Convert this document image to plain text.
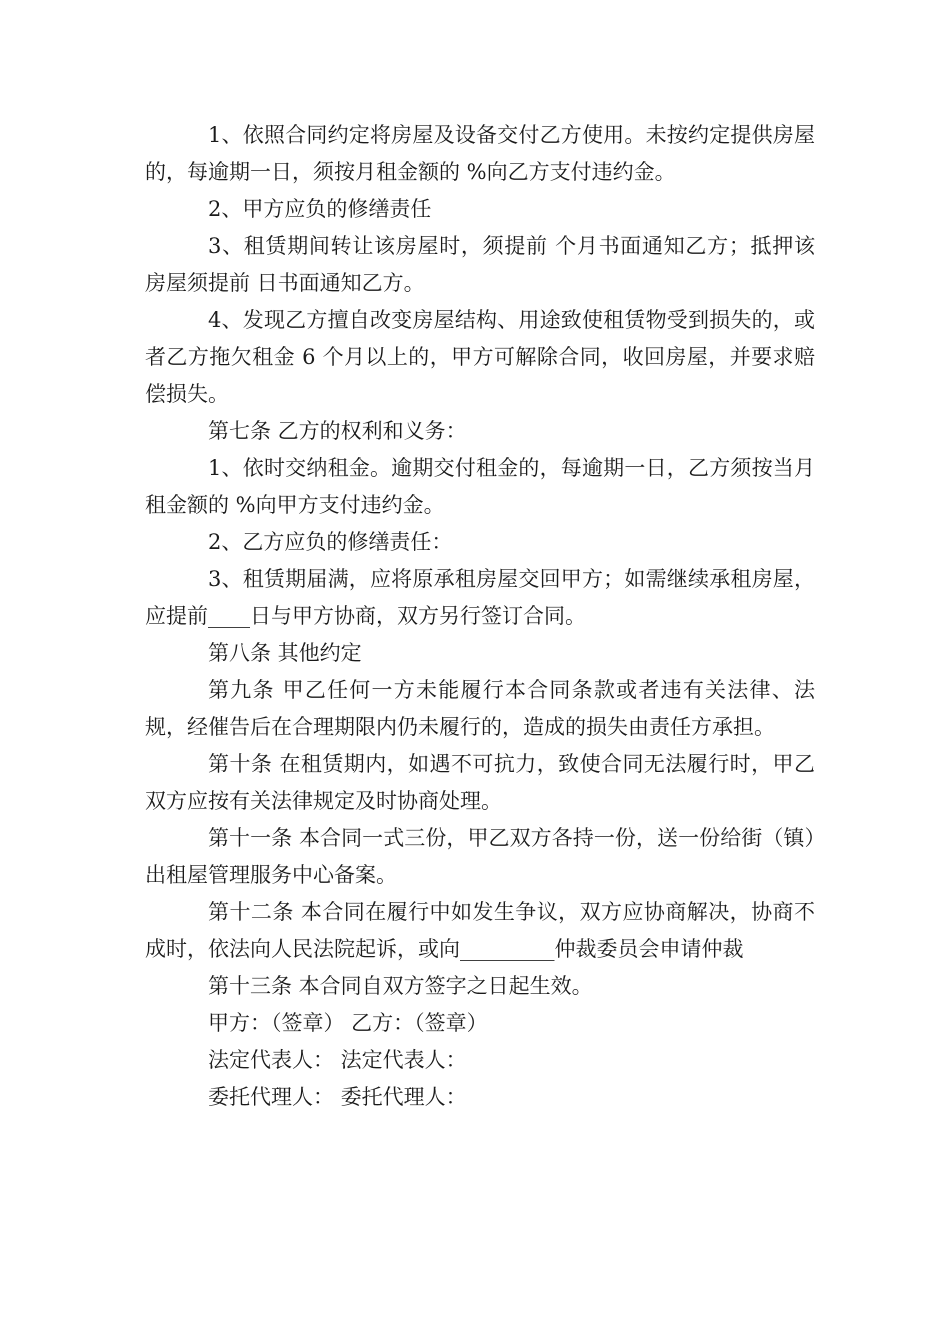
1、依照合同约定将房屋及设备交付乙方使用。未按约定提供房屋的，每逾期一日，须按月租金额的 %向乙方支付违约金。

2、甲方应负的修缮责任

3、租赁期间转让该房屋时，须提前 个月书面通知乙方；抵押该房屋须提前 日书面通知乙方。

4、发现乙方擅自改变房屋结构、用途致使租赁物受到损失的，或者乙方拖欠租金 6 个月以上的，甲方可解除合同，收回房屋，并要求赔偿损失。

第七条 乙方的权利和义务：

1、依时交纳租金。逾期交付租金的，每逾期一日，乙方须按当月租金额的 %向甲方支付违约金。

2、乙方应负的修缮责任：

3、租赁期届满，应将原承租房屋交回甲方；如需继续承租房屋，应提前____日与甲方协商，双方另行签订合同。

第八条 其他约定

第九条 甲乙任何一方未能履行本合同条款或者违有关法律、法规，经催告后在合理期限内仍未履行的，造成的损失由责任方承担。

第十条 在租赁期内，如遇不可抗力，致使合同无法履行时，甲乙双方应按有关法律规定及时协商处理。

第十一条 本合同一式三份，甲乙双方各持一份，送一份给街（镇）出租屋管理服务中心备案。

第十二条 本合同在履行中如发生争议，双方应协商解决，协商不成时，依法向人民法院起诉，或向_________仲裁委员会申请仲裁

第十三条 本合同自双方签字之日起生效。

甲方：（签章） 乙方：（签章）

法定代表人： 法定代表人：

委托代理人： 委托代理人：
